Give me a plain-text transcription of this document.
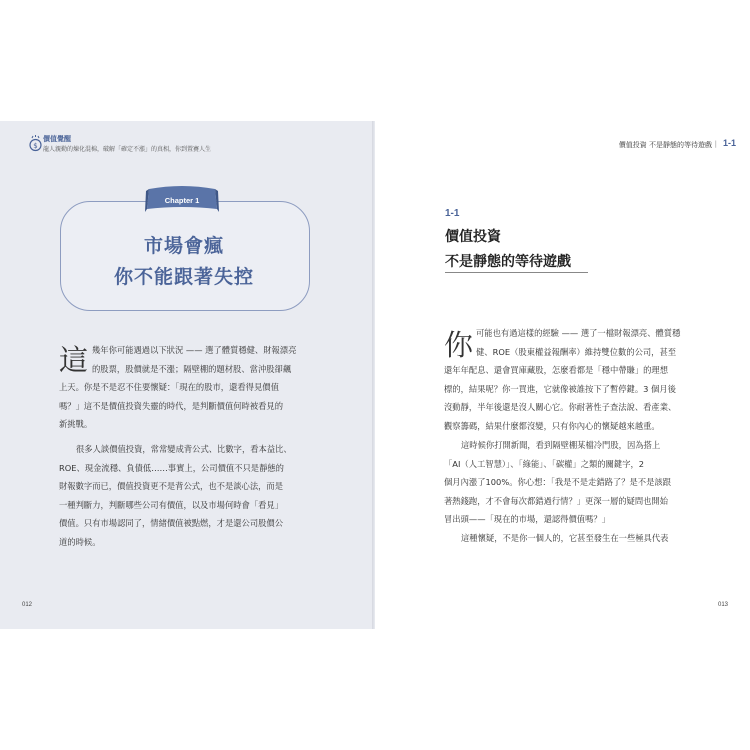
$
價值覺醒
龍人親勤的煉化混棉，破解「確定不漲」的真相，你到置賽人生
Chapter 1
市場會瘋
你不能跟著失控
這 幾年你可能遇過以下狀況 —— 選了體質穩健、財報漂亮
的股票，股價就是不漲；隔壁棚的題材股、當沖股卻飆
上天。你是不是忍不住要懷疑：「現在的股市，還看得見價值
嗎？」這不是價值投資失靈的時代，是判斷價值何時被看見的
新挑戰。
很多人談價值投資，常常變成背公式、比數字，看本益比、
ROE、現金流穩、負債低……事實上，公司價值不只是靜態的
財報數字而已，價值投資更不是背公式，也不是談心法，而是
一種判斷力，判斷哪些公司有價值，以及市場何時會「看見」
價值。只有市場認同了，情緒價值被點燃，才是還公司股價公
道的時候。
012
價值投資 不是靜態的等待遊戲 | 1-1
1-1
價值投資
不是靜態的等待遊戲
你 可能也有過這樣的經驗 —— 選了一檔財報漂亮、體質穩
健、ROE（股東權益報酬率）維持雙位數的公司，甚至
還年年配息、還會買庫藏股，怎麼看都是「穩中帶賺」的理想
標的，結果呢？你一買進，它就像被誰按下了暫停鍵。3 個月後
沒動靜，半年後還是沒人關心它。你耐著性子查法說、看產業、
觀察籌碼，結果什麼都沒變，只有你內心的懷疑越來越重。
這時候你打開新聞，看到隔壁棚某檔冷門股，因為搭上
「AI（人工智慧）」、「綠能」、「碳權」之類的關鍵字，2
個月內漲了100%。你心想：「我是不是走錯路了？是不是該跟
著熱錢跑，才不會每次都錯過行情？」更深一層的疑問也開始
冒出頭——「現在的市場，還認得價值嗎？」
這種懷疑，不是你一個人的，它甚至發生在一些極具代表
013
